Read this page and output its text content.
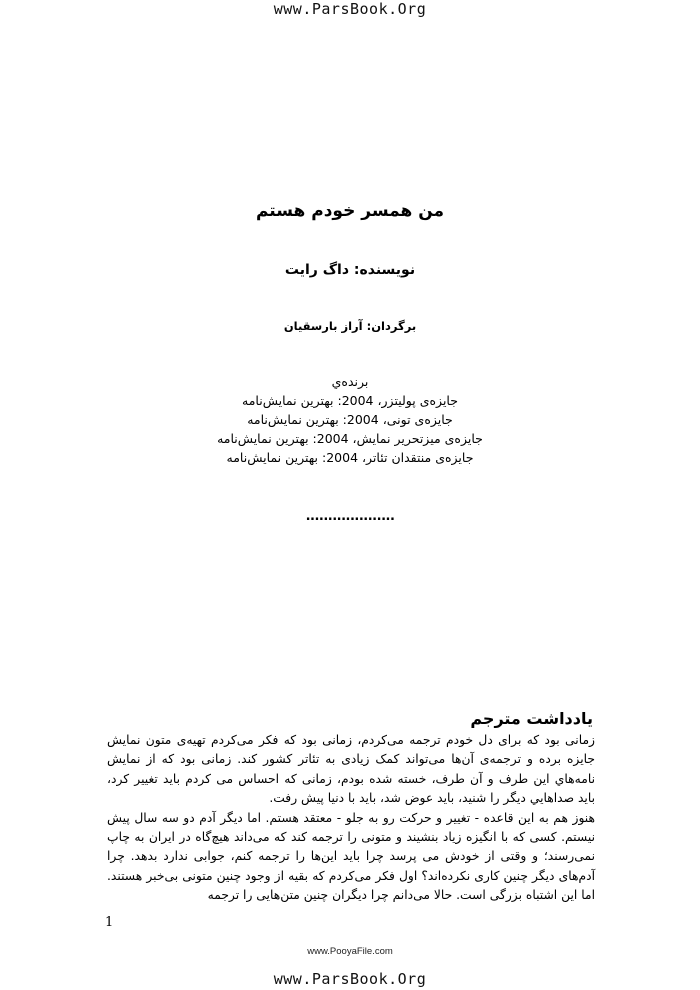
www.ParsBook.Org
من همسر خودم هستم
نويسنده: داگ رايت
برگردان: آراز بارسقيان
برنده‌ي
جايزه‌ی پوليتزر، 2004: بهترين نمايش‌نامه
جايزه‌ی تونی، 2004: بهترين نمايش‌نامه
جايزه‌ی ميزتحرير نمايش، 2004: بهترين نمايش‌نامه
جايزه‌ی منتقدان تئاتر، 2004: بهترين نمايش‌نامه
....................
يادداشت مترجم

زمانی بود که برای دل خودم ترجمه می‌کردم، زمانی بود که فکر می‌کردم تهيه‌ی متون نمايش جايزه برده و ترجمه‌ی آن‌ها می‌تواند کمک زيادی به تئاتر کشور کند. زمانی بود که از نمايش نامه‌هاي اين طرف و آن طرف، خسته شده بودم، زمانی که احساس می کردم بايد تغيير کرد، بايد صداهايي ديگر را شنيد، بايد عوض شد، بايد با دنيا پيش رفت.

هنوز هم به اين قاعده - تغيير و حرکت رو به جلو - معتقد هستم. اما ديگر آدم دو سه سال پيش نيستم. کسی که با انگيزه زياد بنشيند و متونی را ترجمه کند که می‌داند هيچ‌گاه در ايران به چاپ نمی‌رسند؛ و وقتی از خودش می پرسد چرا بايد اين‌ها را ترجمه کنم، جوابی ندارد بدهد. چرا آدم‌های ديگر چنين کاری نکرده‌اند؟ اول فکر می‌کردم که بقيه از وجود چنين متونی بی‌خبر هستند. اما اين اشتباه بزرگی است. حالا می‌دانم چرا ديگران چنين متن‌هايی را ترجمه

1
www.PooyaFile.com
www.ParsBook.Org
